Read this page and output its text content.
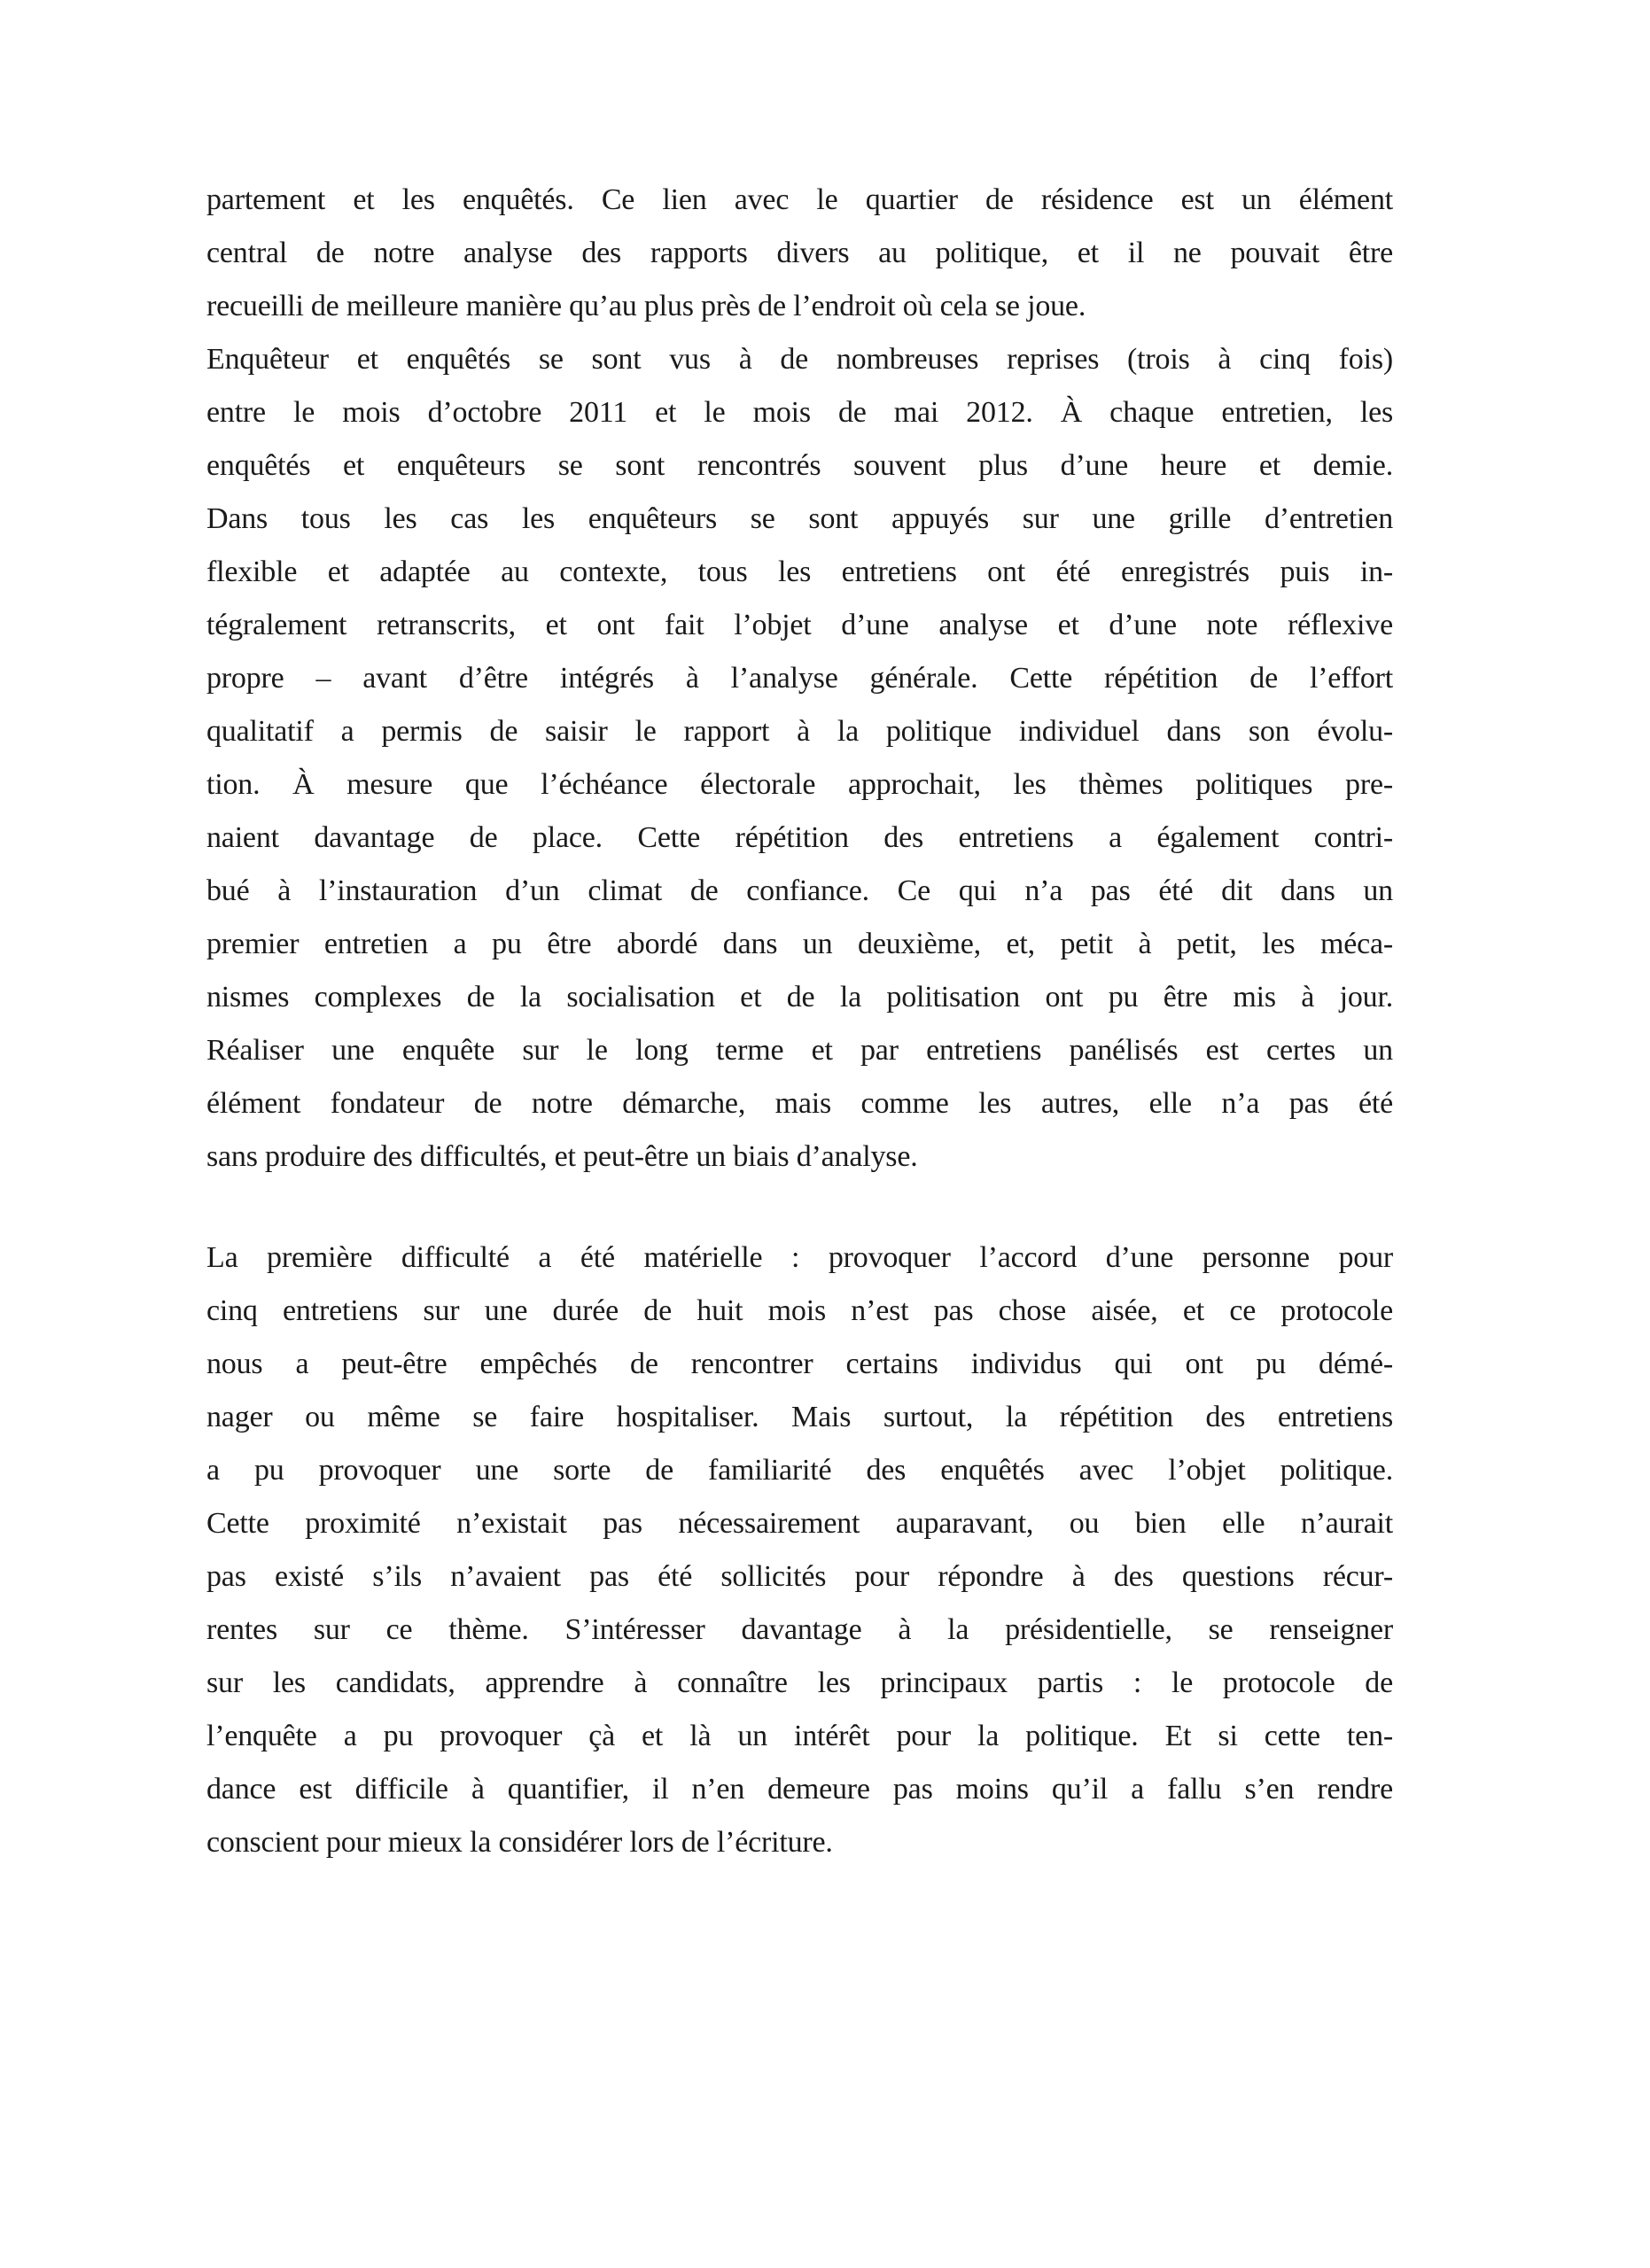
partement et les enquêtés. Ce lien avec le quartier de résidence est un élément
central de notre analyse des rapports divers au politique, et il ne pouvait être
recueilli de meilleure manière qu’au plus près de l’endroit où cela se joue.
Enquêteur et enquêtés se sont vus à de nombreuses reprises (trois à cinq fois)
entre le mois d’octobre 2011 et le mois de mai 2012. À chaque entretien, les
enquêtés et enquêteurs se sont rencontrés souvent plus d’une heure et demie.
Dans tous les cas les enquêteurs se sont appuyés sur une grille d’entretien
flexible et adaptée au contexte, tous les entretiens ont été enregistrés puis in-
tégralement retranscrits, et ont fait l’objet d’une analyse et d’une note réflexive
propre – avant d’être intégrés à l’analyse générale. Cette répétition de l’effort
qualitatif a permis de saisir le rapport à la politique individuel dans son évolu-
tion. À mesure que l’échéance électorale approchait, les thèmes politiques pre-
naient davantage de place. Cette répétition des entretiens a également contri-
bué à l’instauration d’un climat de confiance. Ce qui n’a pas été dit dans un
premier entretien a pu être abordé dans un deuxième, et, petit à petit, les méca-
nismes complexes de la socialisation et de la politisation ont pu être mis à jour.
Réaliser une enquête sur le long terme et par entretiens panélisés est certes un
élément fondateur de notre démarche, mais comme les autres, elle n’a pas été
sans produire des difficultés, et peut-être un biais d’analyse.
La première difficulté a été matérielle : provoquer l’accord d’une personne pour
cinq entretiens sur une durée de huit mois n’est pas chose aisée, et ce protocole
nous a peut-être empêchés de rencontrer certains individus qui ont pu démé-
nager ou même se faire hospitaliser. Mais surtout, la répétition des entretiens
a pu provoquer une sorte de familiarité des enquêtés avec l’objet politique.
Cette proximité n’existait pas nécessairement auparavant, ou bien elle n’aurait
pas existé s’ils n’avaient pas été sollicités pour répondre à des questions récur-
rentes sur ce thème. S’intéresser davantage à la présidentielle, se renseigner
sur les candidats, apprendre à connaître les principaux partis : le protocole de
l’enquête a pu provoquer çà et là un intérêt pour la politique. Et si cette ten-
dance est difficile à quantifier, il n’en demeure pas moins qu’il a fallu s’en rendre
conscient pour mieux la considérer lors de l’écriture.
